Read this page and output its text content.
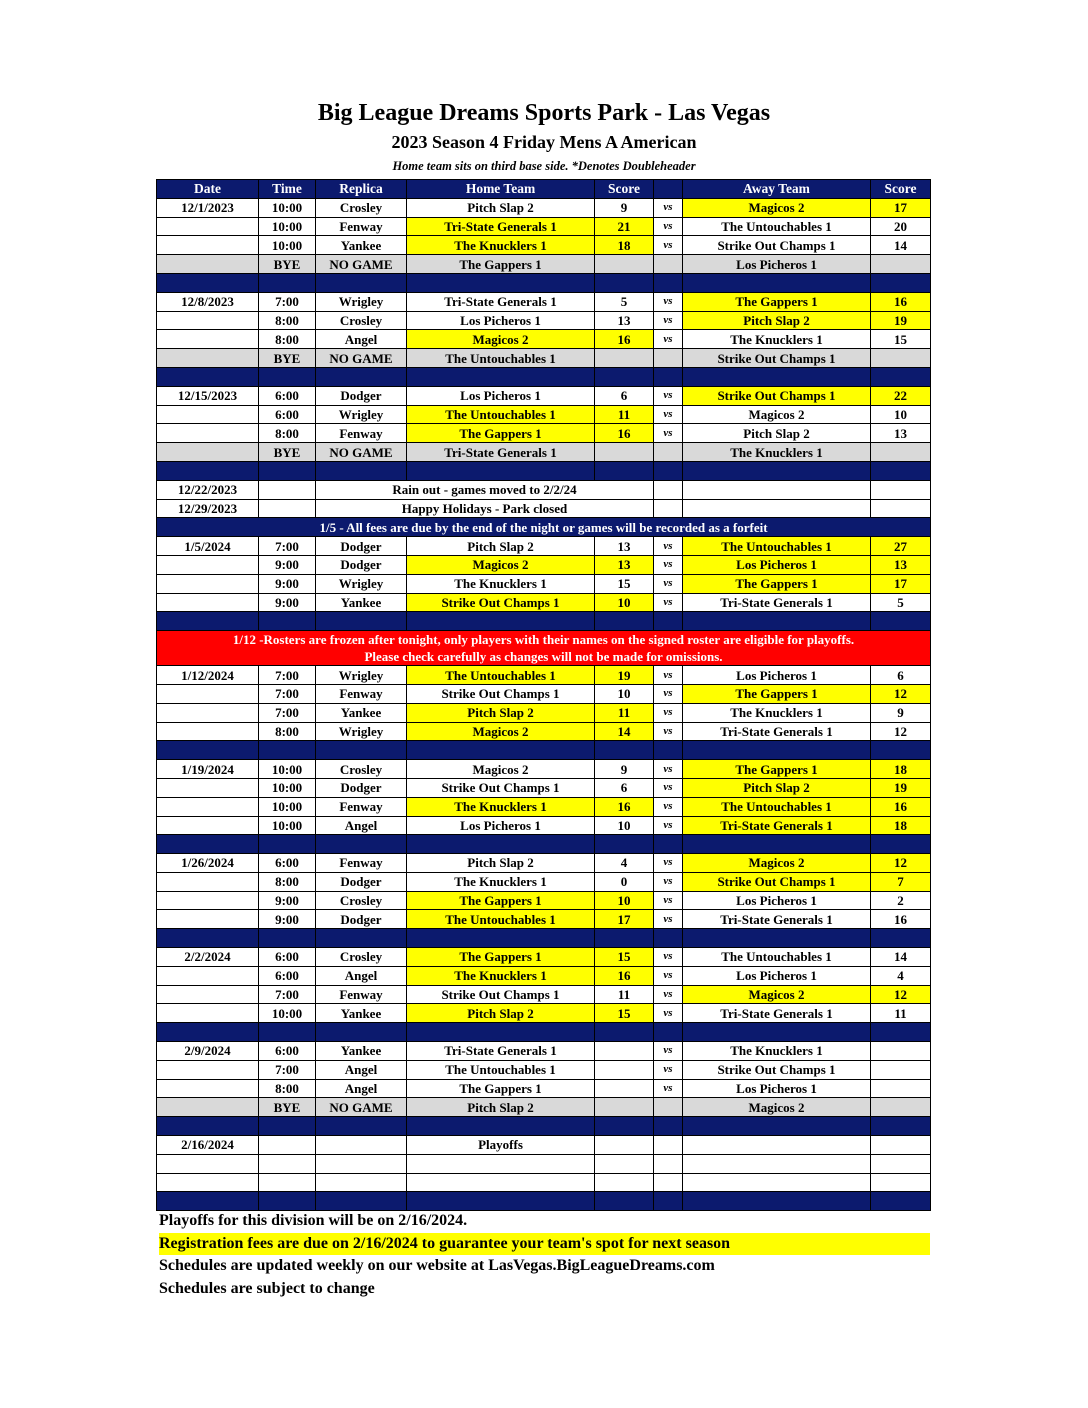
Big League Dreams Sports Park - Las Vegas
2023 Season 4 Friday Mens A American
Home team sits on third base side. *Denotes Doubleheader
Date	Time	Replica	Home Team	Score		Away Team	Score
12/1/2023	10:00	Crosley	Pitch Slap 2	9	vs	Magicos 2	17
	10:00	Fenway	Tri-State Generals 1	21	vs	The Untouchables 1	20
	10:00	Yankee	The Knucklers 1	18	vs	Strike Out Champs 1	14
	BYE	NO GAME	The Gappers 1			Los Picheros 1	

12/8/2023	7:00	Wrigley	Tri-State Generals 1	5	vs	The Gappers 1	16
	8:00	Crosley	Los Picheros 1	13	vs	Pitch Slap 2	19
	8:00	Angel	Magicos 2	16	vs	The Knucklers 1	15
	BYE	NO GAME	The Untouchables 1			Strike Out Champs 1	

12/15/2023	6:00	Dodger	Los Picheros 1	6	vs	Strike Out Champs 1	22
	6:00	Wrigley	The Untouchables 1	11	vs	Magicos 2	10
	8:00	Fenway	The Gappers 1	16	vs	Pitch Slap 2	13
	BYE	NO GAME	Tri-State Generals 1			The Knucklers 1	

12/22/2023		Rain out - games moved to 2/2/24					
12/29/2023		Happy Holidays - Park closed					
1/5 - All fees are due by the end of the night or games will be recorded as a forfeit							
1/5/2024	7:00	Dodger	Pitch Slap 2	13	vs	The Untouchables 1	27
	9:00	Dodger	Magicos 2	13	vs	Los Picheros 1	13
	9:00	Wrigley	The Knucklers 1	15	vs	The Gappers 1	17
	9:00	Yankee	Strike Out Champs 1	10	vs	Tri-State Generals 1	5

1/12 -Rosters are frozen after tonight, only players with their names on the signed roster are eligible for playoffs.
Please check carefully as changes will not be made for omissions.							

1/12/2024	7:00	Wrigley	The Untouchables 1	19	vs	Los Picheros 1	6
	7:00	Fenway	Strike Out Champs 1	10	vs	The Gappers 1	12
	7:00	Yankee	Pitch Slap 2	11	vs	The Knucklers 1	9
	8:00	Wrigley	Magicos 2	14	vs	Tri-State Generals 1	12

1/19/2024	10:00	Crosley	Magicos 2	9	vs	The Gappers 1	18
	10:00	Dodger	Strike Out Champs 1	6	vs	Pitch Slap 2	19
	10:00	Fenway	The Knucklers 1	16	vs	The Untouchables 1	16
	10:00	Angel	Los Picheros 1	10	vs	Tri-State Generals 1	18

1/26/2024	6:00	Fenway	Pitch Slap 2	4	vs	Magicos 2	12
	8:00	Dodger	The Knucklers 1	0	vs	Strike Out Champs 1	7
	9:00	Crosley	The Gappers 1	10	vs	Los Picheros 1	2
	9:00	Dodger	The Untouchables 1	17	vs	Tri-State Generals 1	16

2/2/2024	6:00	Crosley	The Gappers 1	15	vs	The Untouchables 1	14
	6:00	Angel	The Knucklers 1	16	vs	Los Picheros 1	4
	7:00	Fenway	Strike Out Champs 1	11	vs	Magicos 2	12
	10:00	Yankee	Pitch Slap 2	15	vs	Tri-State Generals 1	11

2/9/2024	6:00	Yankee	Tri-State Generals 1		vs	The Knucklers 1	
	7:00	Angel	The Untouchables 1		vs	Strike Out Champs 1	
	8:00	Angel	The Gappers 1		vs	Los Picheros 1	
	BYE	NO GAME	Pitch Slap 2			Magicos 2	

2/16/2024			Playoffs				

Playoffs for this division will be on 2/16/2024.
Registration fees are due on 2/16/2024 to guarantee your team's spot for next season
Schedules are updated weekly on our website at LasVegas.BigLeagueDreams.com
Schedules are subject to change
